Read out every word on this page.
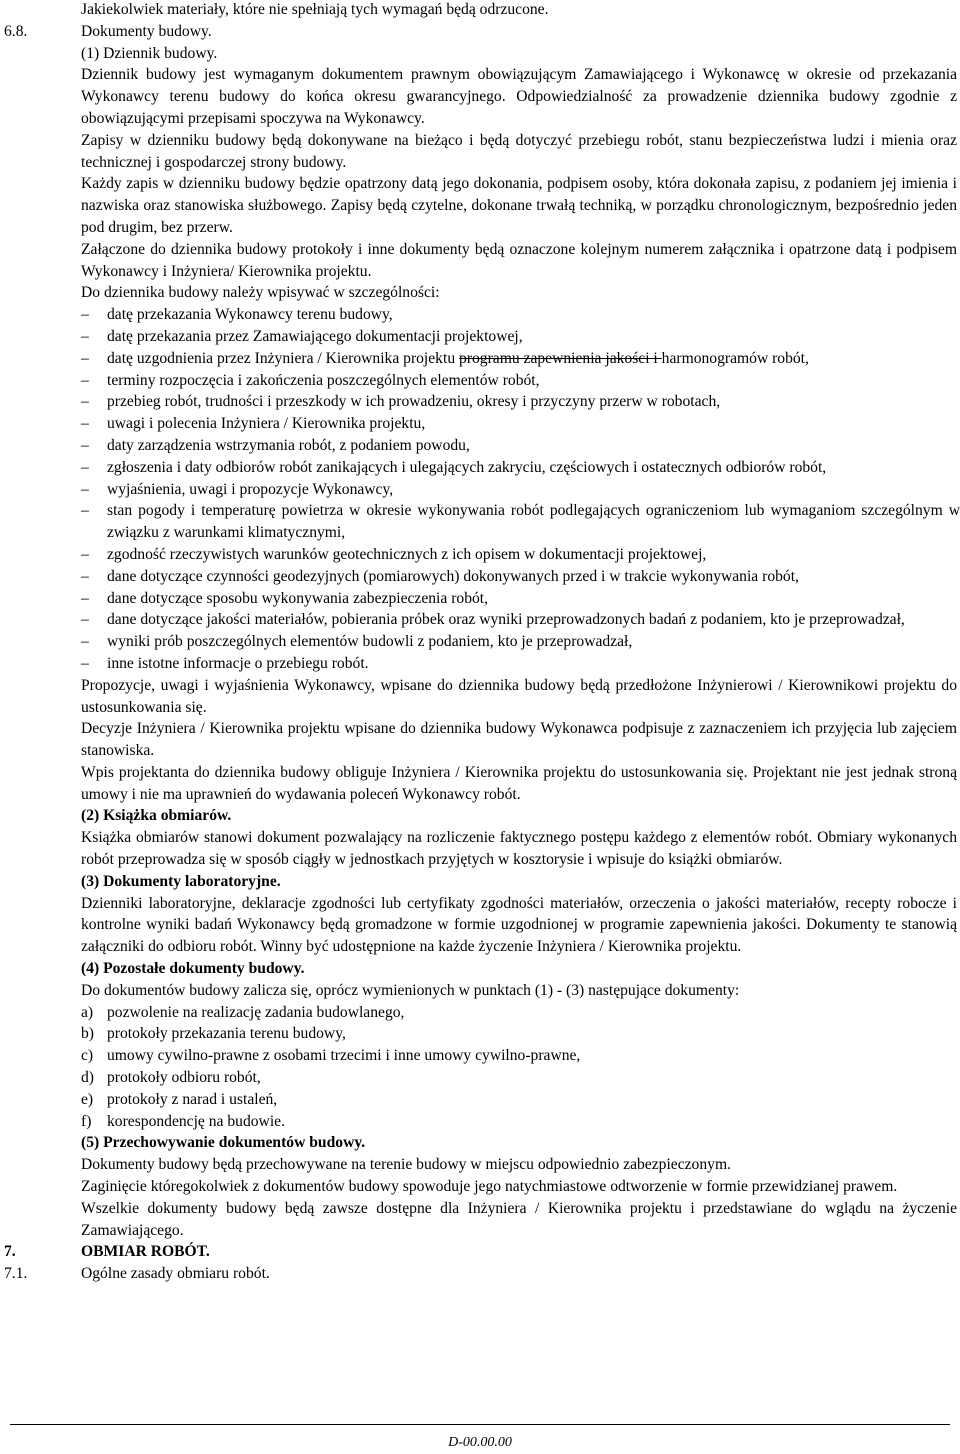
Jakiekolwiek materiały, które nie spełniają tych wymagań będą odrzucone.
6.8.	Dokumenty budowy.
(1) Dziennik budowy.
Dziennik budowy jest wymaganym dokumentem prawnym obowiązującym Zamawiającego i Wykonawcę w okresie od przekazania Wykonawcy terenu budowy do końca okresu gwarancyjnego. Odpowiedzialność za prowadzenie dziennika budowy zgodnie z obowiązującymi przepisami spoczywa na Wykonawcy.
Zapisy w dzienniku budowy będą dokonywane na bieżąco i będą dotyczyć przebiegu robót, stanu bezpieczeństwa ludzi i mienia oraz technicznej i gospodarczej strony budowy.
Każdy zapis w dzienniku budowy będzie opatrzony datą jego dokonania, podpisem osoby, która dokonała zapisu, z podaniem jej imienia i nazwiska oraz stanowiska służbowego. Zapisy będą czytelne, dokonane trwałą techniką, w porządku chronologicznym, bezpośrednio jeden pod drugim, bez przerw.
Załączone do dziennika budowy protokoły i inne dokumenty będą oznaczone kolejnym numerem załącznika i opatrzone datą i podpisem Wykonawcy i Inżyniera/ Kierownika projektu.
Do dziennika budowy należy wpisywać w szczególności:
– datę przekazania Wykonawcy terenu budowy,
– datę przekazania przez Zamawiającego dokumentacji projektowej,
– datę uzgodnienia przez Inżyniera / Kierownika projektu programu zapewnienia jakości i harmonogramów robót,
– terminy rozpoczęcia i zakończenia poszczególnych elementów robót,
– przebieg robót, trudności i przeszkody w ich prowadzeniu, okresy i przyczyny przerw w robotach,
– uwagi i polecenia Inżyniera / Kierownika projektu,
– daty zarządzenia wstrzymania robót, z podaniem powodu,
– zgłoszenia i daty odbiorów robót zanikających i ulegających zakryciu, częściowych i ostatecznych odbiorów robót,
– wyjaśnienia, uwagi i propozycje Wykonawcy,
– stan pogody i temperaturę powietrza w okresie wykonywania robót podlegających ograniczeniom lub wymaganiom szczególnym w związku z warunkami klimatycznymi,
– zgodność rzeczywistych warunków geotechnicznych z ich opisem w dokumentacji projektowej,
– dane dotyczące czynności geodezyjnych (pomiarowych) dokonywanych przed i w trakcie wykonywania robót,
– dane dotyczące sposobu wykonywania zabezpieczenia robót,
– dane dotyczące jakości materiałów, pobierania próbek oraz wyniki przeprowadzonych badań z podaniem, kto je przeprowadzał,
– wyniki prób poszczególnych elementów budowli z podaniem, kto je przeprowadzał,
– inne istotne informacje o przebiegu robót.
Propozycje, uwagi i wyjaśnienia Wykonawcy, wpisane do dziennika budowy będą przedłożone Inżynierowi / Kierownikowi projektu do ustosunkowania się.
Decyzje Inżyniera / Kierownika projektu wpisane do dziennika budowy Wykonawca podpisuje z zaznaczeniem ich przyjęcia lub zajęciem stanowiska.
Wpis projektanta do dziennika budowy obliguje Inżyniera / Kierownika projektu do ustosunkowania się. Projektant nie jest jednak stroną umowy i nie ma uprawnień do wydawania poleceń Wykonawcy robót.
(2) Książka obmiarów.
Książka obmiarów stanowi dokument pozwalający na rozliczenie faktycznego postępu każdego z elementów robót. Obmiary wykonanych robót przeprowadza się w sposób ciągły w jednostkach przyjętych w kosztorysie i wpisuje do książki obmiarów.
(3) Dokumenty laboratoryjne.
Dzienniki laboratoryjne, deklaracje zgodności lub certyfikaty zgodności materiałów, orzeczenia o jakości materiałów, recepty robocze i kontrolne wyniki badań Wykonawcy będą gromadzone w formie uzgodnionej w programie zapewnienia jakości. Dokumenty te stanowią załączniki do odbioru robót. Winny być udostępnione na każde życzenie Inżyniera / Kierownika projektu.
(4) Pozostałe dokumenty budowy.
Do dokumentów budowy zalicza się, oprócz wymienionych w punktach (1) - (3) następujące dokumenty:
a) pozwolenie na realizację zadania budowlanego,
b) protokoły przekazania terenu budowy,
c) umowy cywilno-prawne z osobami trzecimi i inne umowy cywilno-prawne,
d) protokoły odbioru robót,
e) protokoły z narad i ustaleń,
f) korespondencję na budowie.
(5) Przechowywanie dokumentów budowy.
Dokumenty budowy będą przechowywane na terenie budowy w miejscu odpowiednio zabezpieczonym.
Zaginięcie któregokolwiek z dokumentów budowy spowoduje jego natychmiastowe odtworzenie w formie przewidzianej prawem.
Wszelkie dokumenty budowy będą zawsze dostępne dla Inżyniera / Kierownika projektu i przedstawiane do wglądu na życzenie Zamawiającego.
7.	OBMIAR ROBÓT.
7.1.	Ogólne zasady obmiaru robót.
D-00.00.00
